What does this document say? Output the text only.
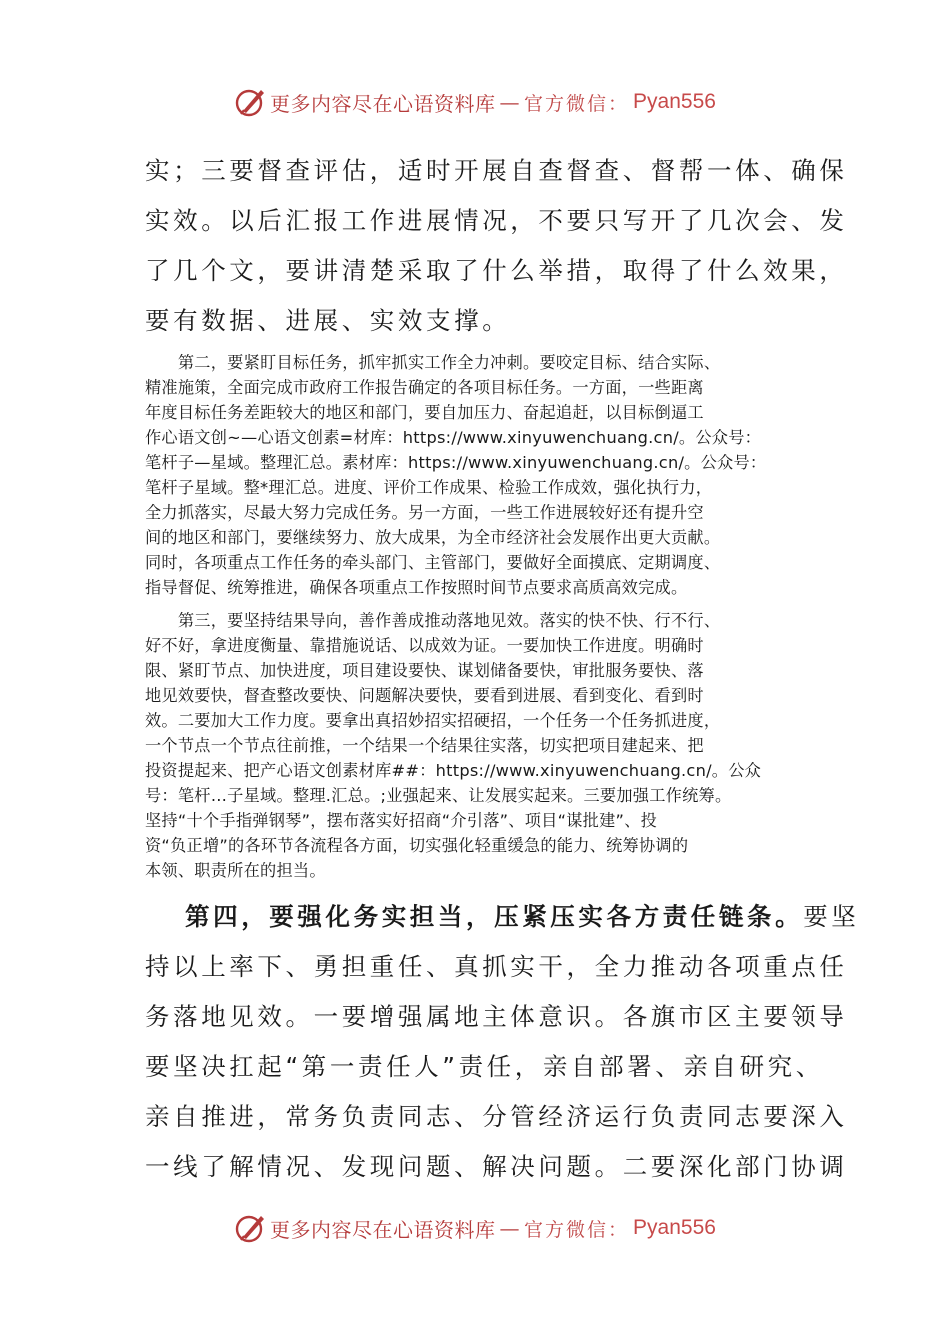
更多内容尽在心语资料库 — 官方微信： Pyan556
实；三要督查评估，适时开展自查督查、督帮一体、确保
实效。以后汇报工作进展情况，不要只写开了几次会、发
了几个文，要讲清楚采取了什么举措，取得了什么效果，
要有数据、进展、实效支撑。
　　第二，要紧盯目标任务，抓牢抓实工作全力冲刺。要咬定目标、结合实际、
精准施策，全面完成市政府工作报告确定的各项目标任务。一方面，一些距离
年度目标任务差距较大的地区和部门，要自加压力、奋起追赶，以目标倒逼工
作心语文创~—心语文创素=材库：https://www.xinyuwenchuang.cn/。公众号：
笔杆子—星域。整理汇总。素材库：https://www.xinyuwenchuang.cn/。公众号：
笔杆子星域。整*理汇总。进度、评价工作成果、检验工作成效，强化执行力，
全力抓落实，尽最大努力完成任务。另一方面，一些工作进展较好还有提升空
间的地区和部门，要继续努力、放大成果，为全市经济社会发展作出更大贡献。
同时，各项重点工作任务的牵头部门、主管部门，要做好全面摸底、定期调度、
指导督促、统筹推进，确保各项重点工作按照时间节点要求高质高效完成。
　　第三，要坚持结果导向，善作善成推动落地见效。落实的快不快、行不行、
好不好，拿进度衡量、靠措施说话、以成效为证。一要加快工作进度。明确时
限、紧盯节点、加快进度，项目建设要快、谋划储备要快，审批服务要快、落
地见效要快，督查整改要快、问题解决要快，要看到进展、看到变化、看到时
效。二要加大工作力度。要拿出真招妙招实招硬招，一个任务一个任务抓进度，
一个节点一个节点往前推，一个结果一个结果往实落，切实把项目建起来、把
投资提起来、把产心语文创素材库##：https://www.xinyuwenchuang.cn/。公众
号：笔杆…子星域。整理.汇总。;业强起来、让发展实起来。三要加强工作统筹。
坚持“十个手指弹钢琴”，摆布落实好招商“介引落”、项目“谋批建”、投
资“负正增”的各环节各流程各方面，切实强化轻重缓急的能力、统筹协调的
本领、职责所在的担当。
第四，要强化务实担当，压紧压实各方责任链条。要坚
持以上率下、勇担重任、真抓实干，全力推动各项重点任
务落地见效。一要增强属地主体意识。各旗市区主要领导
要坚决扛起“第一责任人”责任，亲自部署、亲自研究、
亲自推进，常务负责同志、分管经济运行负责同志要深入
一线了解情况、发现问题、解决问题。二要深化部门协调
更多内容尽在心语资料库 — 官方微信： Pyan556
